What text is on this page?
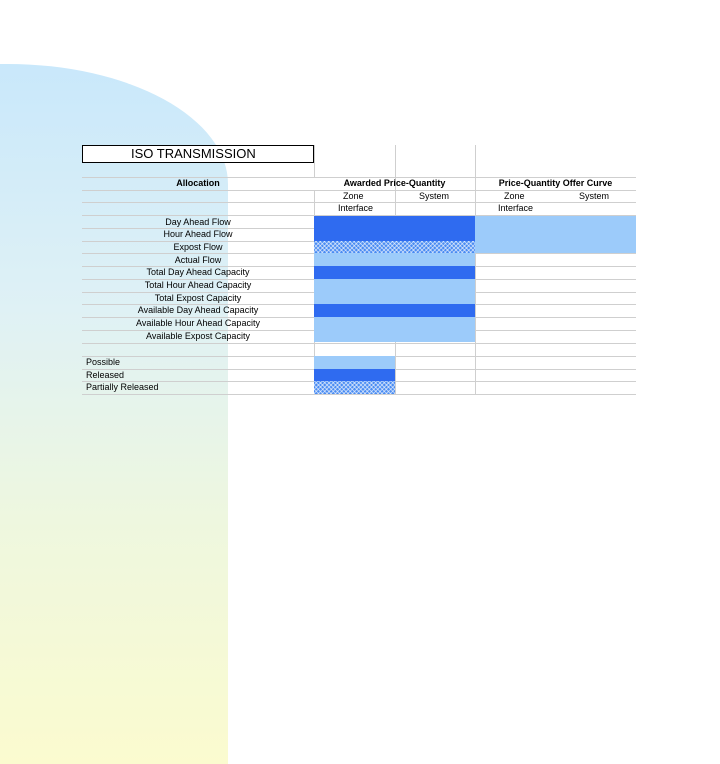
ISO TRANSMISSION
Allocation	Awarded Price-Quantity	Price-Quantity Offer Curve
Zone	System	Zone	System
Interface	Interface
Day Ahead Flow
Hour Ahead Flow
Expost Flow
Actual Flow
Total Day Ahead Capacity
Total Hour Ahead Capacity
Total Expost Capacity
Available Day Ahead Capacity
Available Hour Ahead Capacity
Available Expost Capacity
Possible
Released
Partially Released
